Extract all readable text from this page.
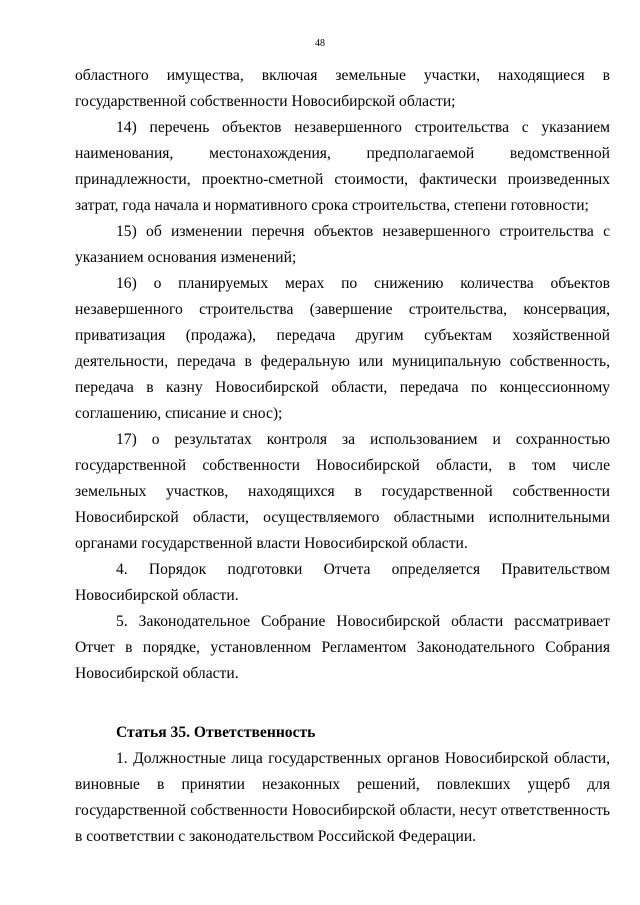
48

областного имущества, включая земельные участки, находящиеся в государственной собственности Новосибирской области;

14) перечень объектов незавершенного строительства с указанием наименования, местонахождения, предполагаемой ведомственной принадлежности, проектно-сметной стоимости, фактически произведенных затрат, года начала и нормативного срока строительства, степени готовности;

15) об изменении перечня объектов незавершенного строительства с указанием основания изменений;

16) о планируемых мерах по снижению количества объектов незавершенного строительства (завершение строительства, консервация, приватизация (продажа), передача другим субъектам хозяйственной деятельности, передача в федеральную или муниципальную собственность, передача в казну Новосибирской области, передача по концессионному соглашению, списание и снос);

17) о результатах контроля за использованием и сохранностью государственной собственности Новосибирской области, в том числе земельных участков, находящихся в государственной собственности Новосибирской области, осуществляемого областными исполнительными органами государственной власти Новосибирской области.

4. Порядок подготовки Отчета определяется Правительством Новосибирской области.

5. Законодательное Собрание Новосибирской области рассматривает Отчет в порядке, установленном Регламентом Законодательного Собрания Новосибирской области.

Статья 35. Ответственность

1. Должностные лица государственных органов Новосибирской области, виновные в принятии незаконных решений, повлекших ущерб для государственной собственности Новосибирской области, несут ответственность в соответствии с законодательством Российской Федерации.
